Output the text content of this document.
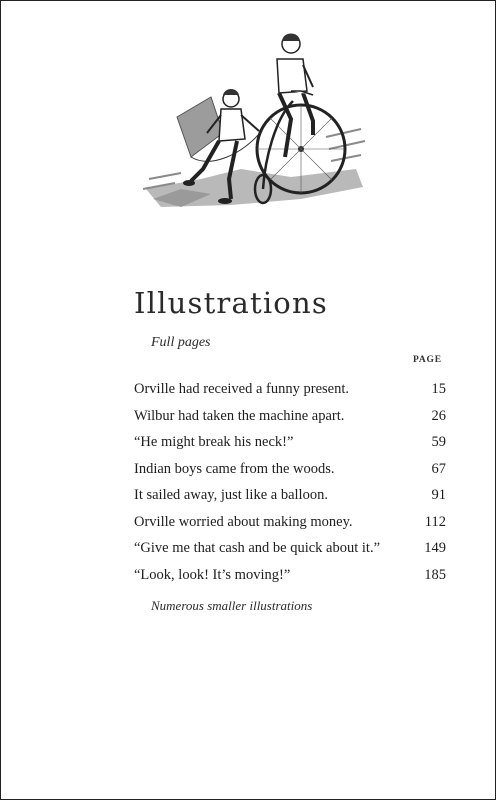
Illustrations
Full pages
PAGE
Orville had received a funny present.	15
Wilbur had taken the machine apart.	26
“He might break his neck!”	59
Indian boys came from the woods.	67
It sailed away, just like a balloon.	91
Orville worried about making money.	112
“Give me that cash and be quick about it.”	149
“Look, look! It’s moving!”	185
Numerous smaller illustrations
